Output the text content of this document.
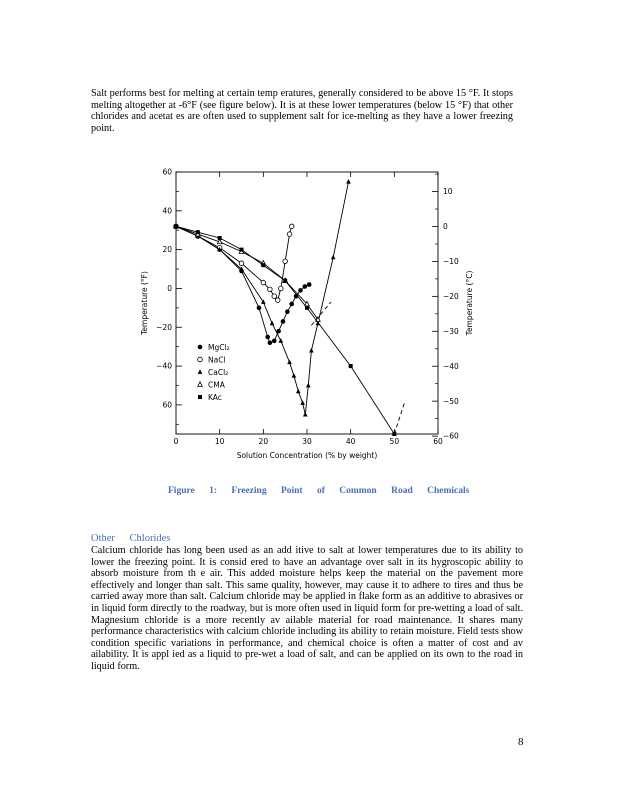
Salt performs best for melting at certain temp eratures, generally considered to be above 15 °F. It stops melting altogether at -6°F (see figure below). It is at these lower temperatures (below 15 °F) that other chlorides and acetat es are often used to supplement salt for ice-melting as they have a lower freezing point.
0	10	20	30	40	50	60
60
40
20
0
−20
−40
60
10
0
−10
−20
−30
−40
−50
−60
Solution Concentration (% by weight)
Temperature (°F)	Temperature (°C)
MgCl₂
NaCl
CaCl₂
CMA
KAc
Figure 1: Freezing Point of Common Road Chemicals
Other Chlorides
Calcium chloride has long been used as an add itive to salt at lower temperatures due to its ability to lower the freezing point. It is consid ered to have an advantage over salt in its hygroscopic ability to absorb moisture from th e air. This added moisture helps keep the material on the pavement more effectively and longer than salt. This same quality, however, may cause it to adhere to tires and thus be carried away more than salt. Calcium chloride may be applied in flake form as an additive to abrasives or in liquid form directly to the roadway, but is more often used in liquid form for pre-wetting a load of salt. Magnesium chloride is a more recently av ailable material for road maintenance. It shares many performance characteristics with calcium chloride including its ability to retain moisture. Field tests show condition specific variations in performance, and chemical choice is often a matter of cost and av ailability. It is appl ied as a liquid to pre-wet a load of salt, and can be applied on its own to the road in liquid form.
8
